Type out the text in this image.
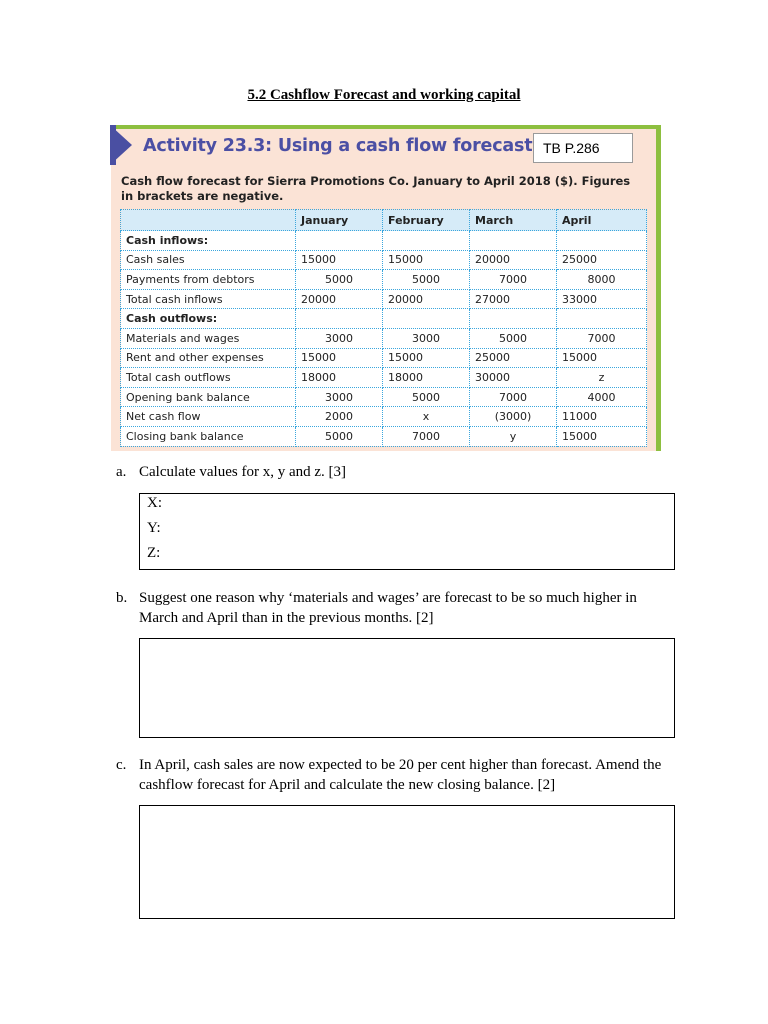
5.2 Cashflow Forecast and working capital
Activity 23.3: Using a cash flow forecast TB P.286
Cash flow forecast for Sierra Promotions Co. January to April 2018 ($). Figures in brackets are negative.
	January	February	March	April
Cash inflows:				
Cash sales	15000	15000	20000	25000
Payments from debtors	5000	5000	7000	8000
Total cash inflows	20000	20000	27000	33000
Cash outflows:				
Materials and wages	3000	3000	5000	7000
Rent and other expenses	15000	15000	25000	15000
Total cash outflows	18000	18000	30000	z
Opening bank balance	3000	5000	7000	4000
Net cash flow	2000	x	(3000)	11000
Closing bank balance	5000	7000	y	15000
a. Calculate values for x, y and z. [3]
X:
Y:
Z:
b. Suggest one reason why ‘materials and wages’ are forecast to be so much higher in March and April than in the previous months. [2]
c. In April, cash sales are now expected to be 20 per cent higher than forecast. Amend the cashflow forecast for April and calculate the new closing balance. [2]
